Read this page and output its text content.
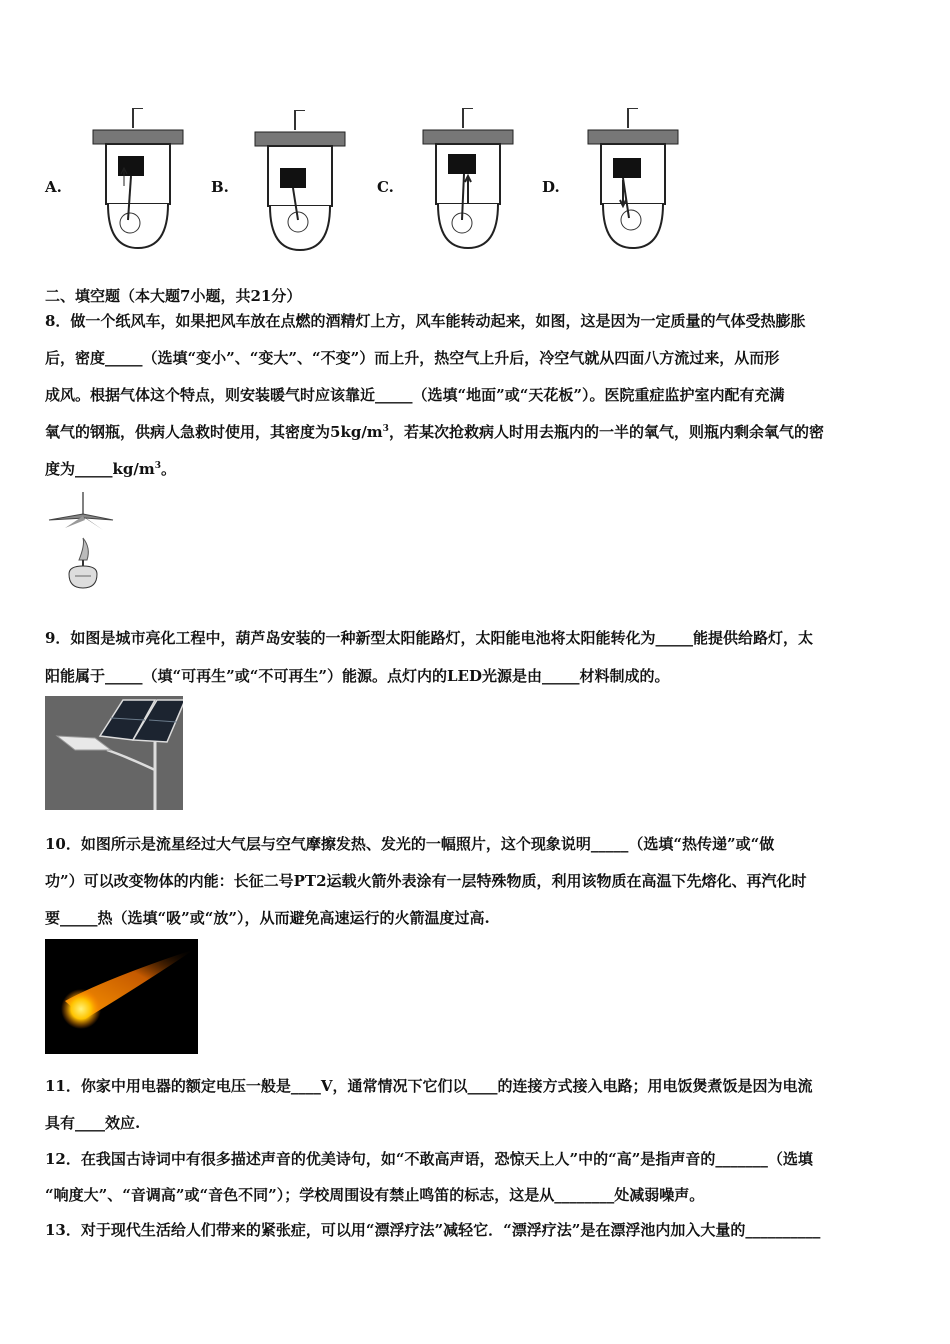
A.	B.	C.	D.
二、填空题（本大题7小题，共21分）
8．做一个纸风车，如果把风车放在点燃的酒精灯上方，风车能转动起来，如图，这是因为一定质量的气体受热膨胀
后，密度_____（选填“变小”、“变大”、“不变”）而上升，热空气上升后，冷空气就从四面八方流过来，从而形
成风。根据气体这个特点，则安装暖气时应该靠近_____（选填“地面”或“天花板”）。医院重症监护室内配有充满
氧气的钢瓶，供病人急救时使用，其密度为$5kg/m^3$，若某次抢救病人时用去瓶内的一半的氧气，则瓶内剩余氧气的密
度为$\_\_\_\_\_kg/m^3$。
9．如图是城市亮化工程中，葫芦岛安装的一种新型太阳能路灯，太阳能电池将太阳能转化为_____能提供给路灯，太
阳能属于_____（填“可再生”或“不可再生”）能源。点灯内的LED光源是由_____材料制成的。
10．如图所示是流星经过大气层与空气摩擦发热、发光的一幅照片，这个现象说明_____（选填“热传递”或“做
功”）可以改变物体的内能：长征二号PT2运载火箭外表涂有一层特殊物质，利用该物质在高温下先熔化、再汽化时
要_____热（选填“吸”或“放”），从而避免高速运行的火箭温度过高.
11．你家中用电器的额定电压一般是____V，通常情况下它们以____的连接方式接入电路；用电饭煲煮饭是因为电流
具有____效应.
12．在我国古诗词中有很多描述声音的优美诗句，如“不敢高声语，恐惊天上人”中的“高”是指声音的_______（选填
“响度大”、“音调高”或“音色不同”）；学校周围设有禁止鸣笛的标志，这是从________处减弱噪声。
13．对于现代生活给人们带来的紧张症，可以用“漂浮疗法”减轻它．“漂浮疗法”是在漂浮池内加入大量的__________
